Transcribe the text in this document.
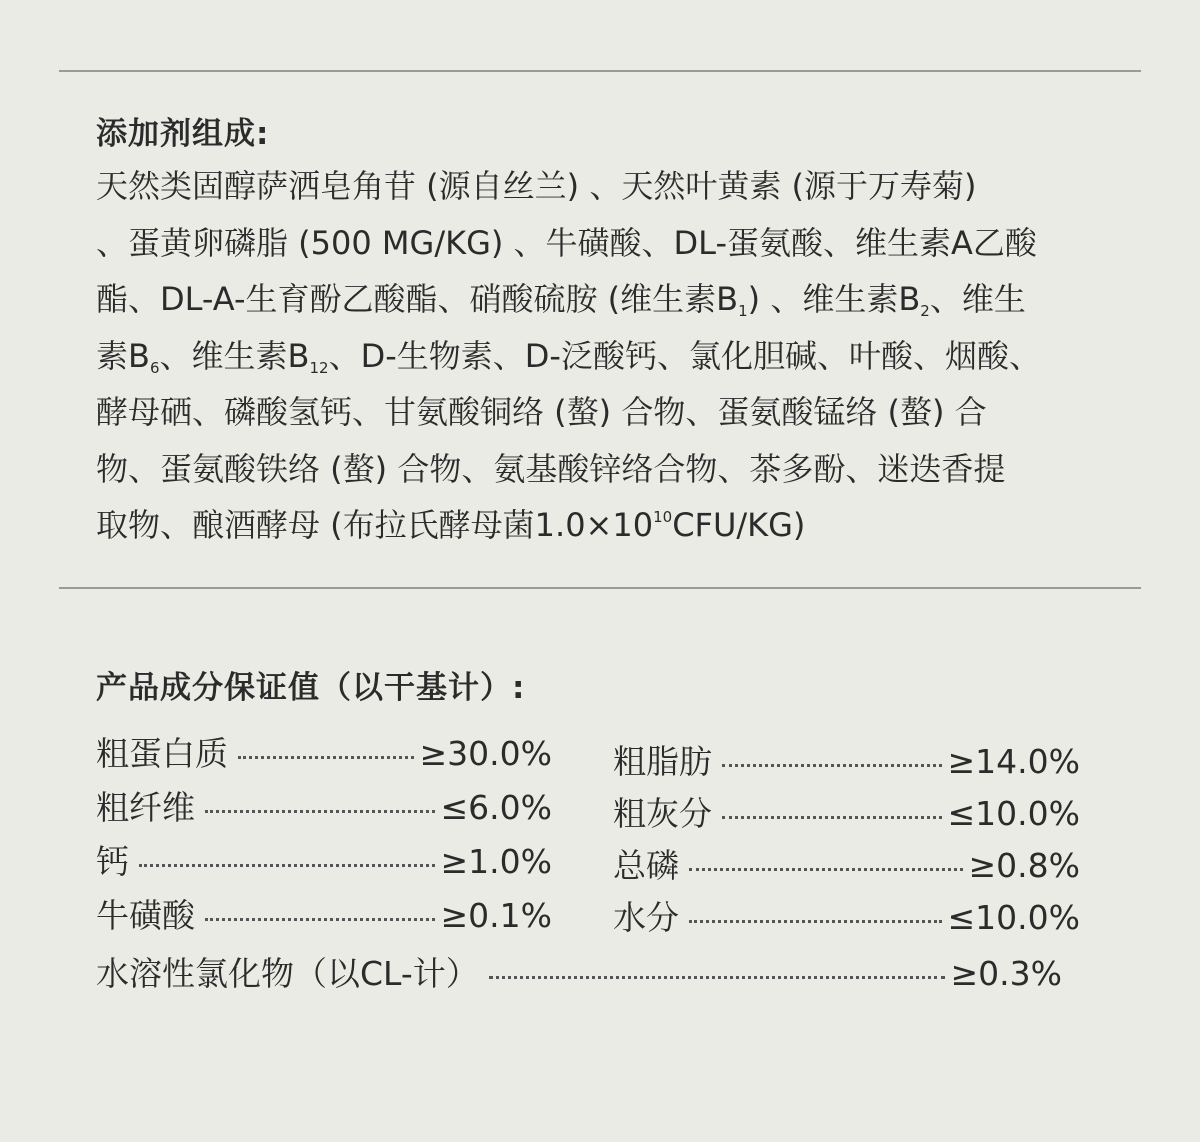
添加剂组成:
天然类固醇萨洒皂角苷 (源自丝兰) 、天然叶黄素 (源于万寿菊)
、蛋黄卵磷脂 (500 MG/KG) 、牛磺酸、DL-蛋氨酸、维生素A乙酸
酯、DL-A-生育酚乙酸酯、硝酸硫胺 (维生素$B_1$) 、维生素$B_2$、维生
素$B_6$、维生素$B_{12}$、D-生物素、D-泛酸钙、氯化胆碱、叶酸、烟酸、
酵母硒、磷酸氢钙、甘氨酸铜络 (螯) 合物、蛋氨酸锰络 (螯) 合
物、蛋氨酸铁络 (螯) 合物、氨基酸锌络合物、茶多酚、迷迭香提
取物、酿酒酵母 (布拉氏酵母菌$1.0\times 10^{10}CFU/KG$)
产品成分保证值（以干基计）:
粗蛋白质	≥30.0%
粗纤维	≤6.0%
钙	≥1.0%
牛磺酸	≥0.1%
粗脂肪	≥14.0%
粗灰分	≤10.0%
总磷	≥0.8%
水分	≤10.0%
水溶性氯化物（以CL-计）	≥0.3%
